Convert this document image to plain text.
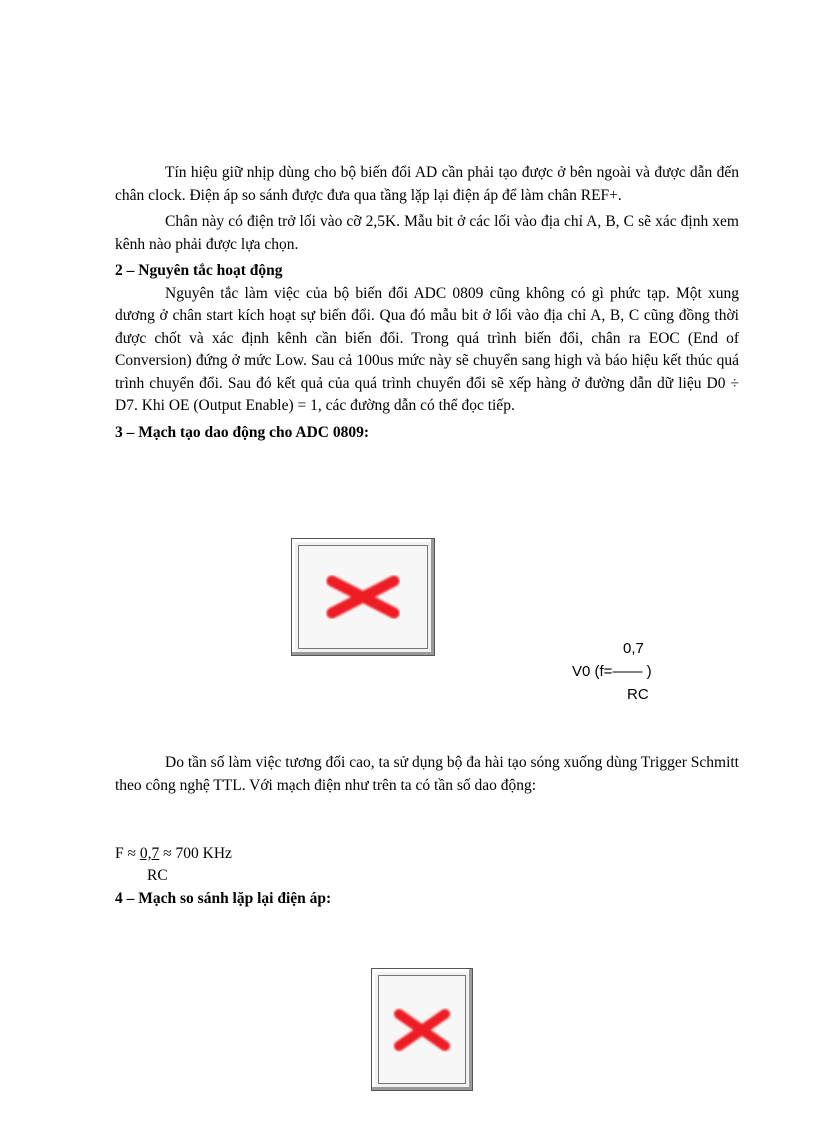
Tín hiệu giữ nhịp dùng cho bộ biến đổi AD cần phải tạo được ở bên ngoài và được dẫn đến chân clock. Điện áp so sánh được đưa qua tầng lặp lại điện áp để làm chân REF+.

Chân này có điện trở lối vào cỡ 2,5K. Mẫu bit ở các lối vào địa chỉ A, B, C sẽ xác định xem kênh nào phải được lựa chọn.

2 – Nguyên tắc hoạt động

Nguyên tắc làm việc của bộ biến đổi ADC 0809 cũng không có gì phức tạp. Một xung dương ở chân start kích hoạt sự biến đổi. Qua đó mẫu bit ở lối vào địa chỉ A, B, C cũng đồng thời được chốt và xác định kênh cần biến đổi. Trong quá trình biến đổi, chân ra EOC (End of Conversion) đứng ở mức Low. Sau cả 100us mức này sẽ chuyển sang high và báo hiệu kết thúc quá trình chuyển đổi. Sau đó kết quả của quá trình chuyển đổi sẽ xếp hàng ở đường dẫn dữ liệu D0 ÷ D7. Khi OE (Output Enable) = 1, các đường dẫn có thể đọc tiếp.

3 – Mạch tạo dao động cho ADC 0809:

0,7
V0 (f=—— )
RC

Do tần số làm việc tương đối cao, ta sử dụng bộ đa hài tạo sóng xuống dùng Trigger Schmitt theo công nghệ TTL. Với mạch điện như trên ta có tần số dao động:

F ≈ 0,7 ≈ 700 KHz
RC

4 – Mạch so sánh lặp lại điện áp:
